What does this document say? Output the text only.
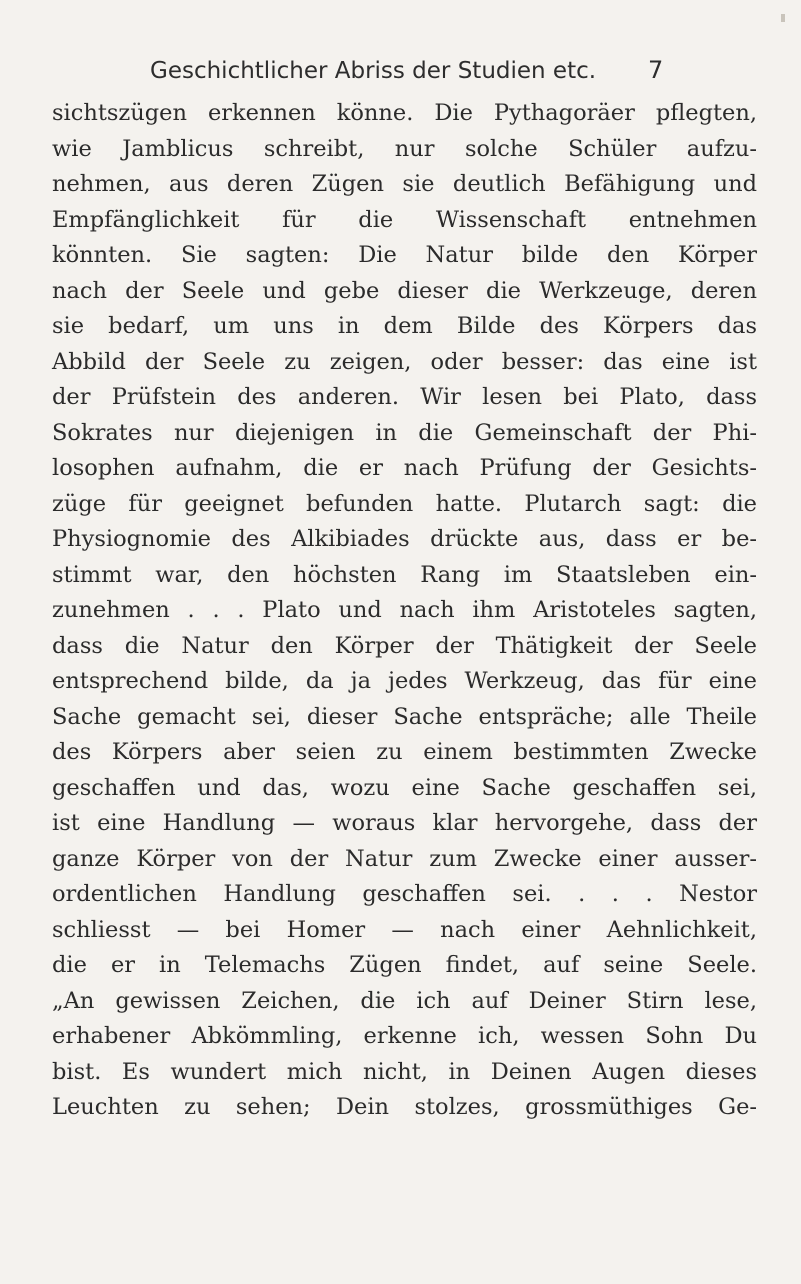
Geschichtlicher Abriss der Studien etc. 7
sichtszügen erkennen könne. Die Pythagoräer pflegten,
wie Jamblicus schreibt, nur solche Schüler aufzu-
nehmen, aus deren Zügen sie deutlich Befähigung und
Empfänglichkeit für die Wissenschaft entnehmen
könnten. Sie sagten: Die Natur bilde den Körper
nach der Seele und gebe dieser die Werkzeuge, deren
sie bedarf, um uns in dem Bilde des Körpers das
Abbild der Seele zu zeigen, oder besser: das eine ist
der Prüfstein des anderen. Wir lesen bei Plato, dass
Sokrates nur diejenigen in die Gemeinschaft der Phi-
losophen aufnahm, die er nach Prüfung der Gesichts-
züge für geeignet befunden hatte. Plutarch sagt: die
Physiognomie des Alkibiades drückte aus, dass er be-
stimmt war, den höchsten Rang im Staatsleben ein-
zunehmen . . . Plato und nach ihm Aristoteles sagten,
dass die Natur den Körper der Thätigkeit der Seele
entsprechend bilde, da ja jedes Werkzeug, das für eine
Sache gemacht sei, dieser Sache entspräche; alle Theile
des Körpers aber seien zu einem bestimmten Zwecke
geschaffen und das, wozu eine Sache geschaffen sei,
ist eine Handlung — woraus klar hervorgehe, dass der
ganze Körper von der Natur zum Zwecke einer ausser-
ordentlichen Handlung geschaffen sei. . . . Nestor
schliesst — bei Homer — nach einer Aehnlichkeit,
die er in Telemachs Zügen findet, auf seine Seele.
„An gewissen Zeichen, die ich auf Deiner Stirn lese,
erhabener Abkömmling, erkenne ich, wessen Sohn Du
bist. Es wundert mich nicht, in Deinen Augen dieses
Leuchten zu sehen; Dein stolzes, grossmüthiges Ge-
